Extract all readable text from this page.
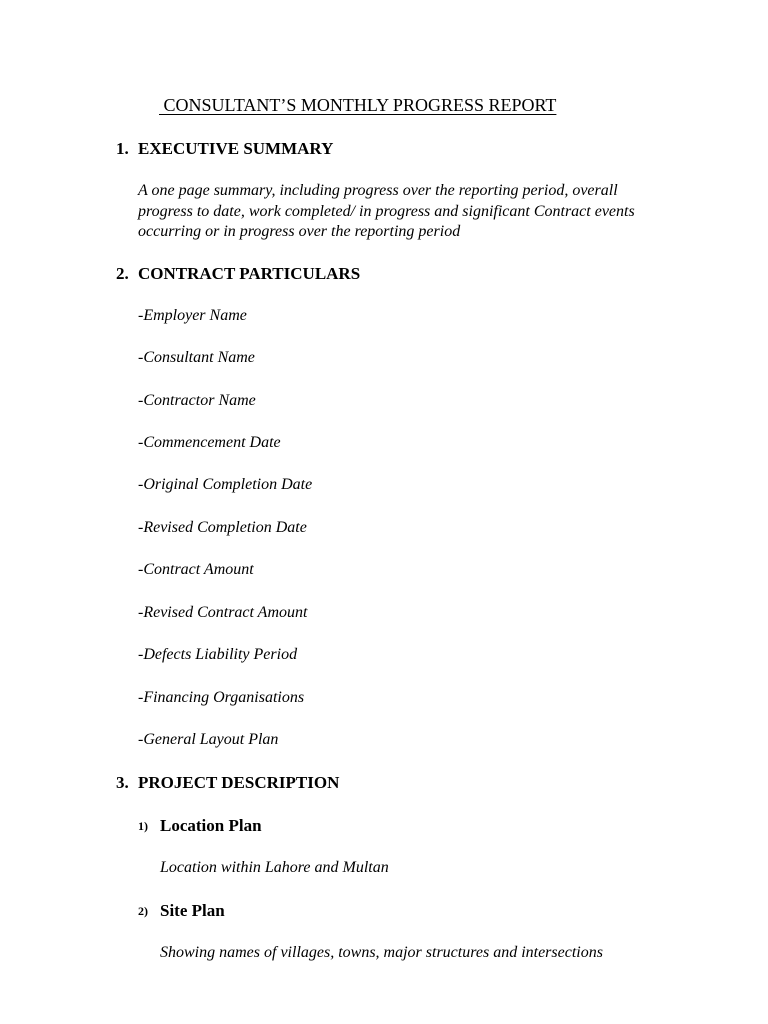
CONSULTANT’S MONTHLY PROGRESS REPORT
1. EXECUTIVE SUMMARY

A one page summary, including progress over the reporting period, overall
progress to date, work completed/ in progress and significant Contract events
occurring or in progress over the reporting period

2. CONTRACT PARTICULARS

-Employer Name

-Consultant Name

-Contractor Name

-Commencement Date

-Original Completion Date

-Revised Completion Date

-Contract Amount

-Revised Contract Amount

-Defects Liability Period

-Financing Organisations

-General Layout Plan

3. PROJECT DESCRIPTION
1) Location Plan

Location within Lahore and Multan

2) Site Plan

Showing names of villages, towns, major structures and intersections
